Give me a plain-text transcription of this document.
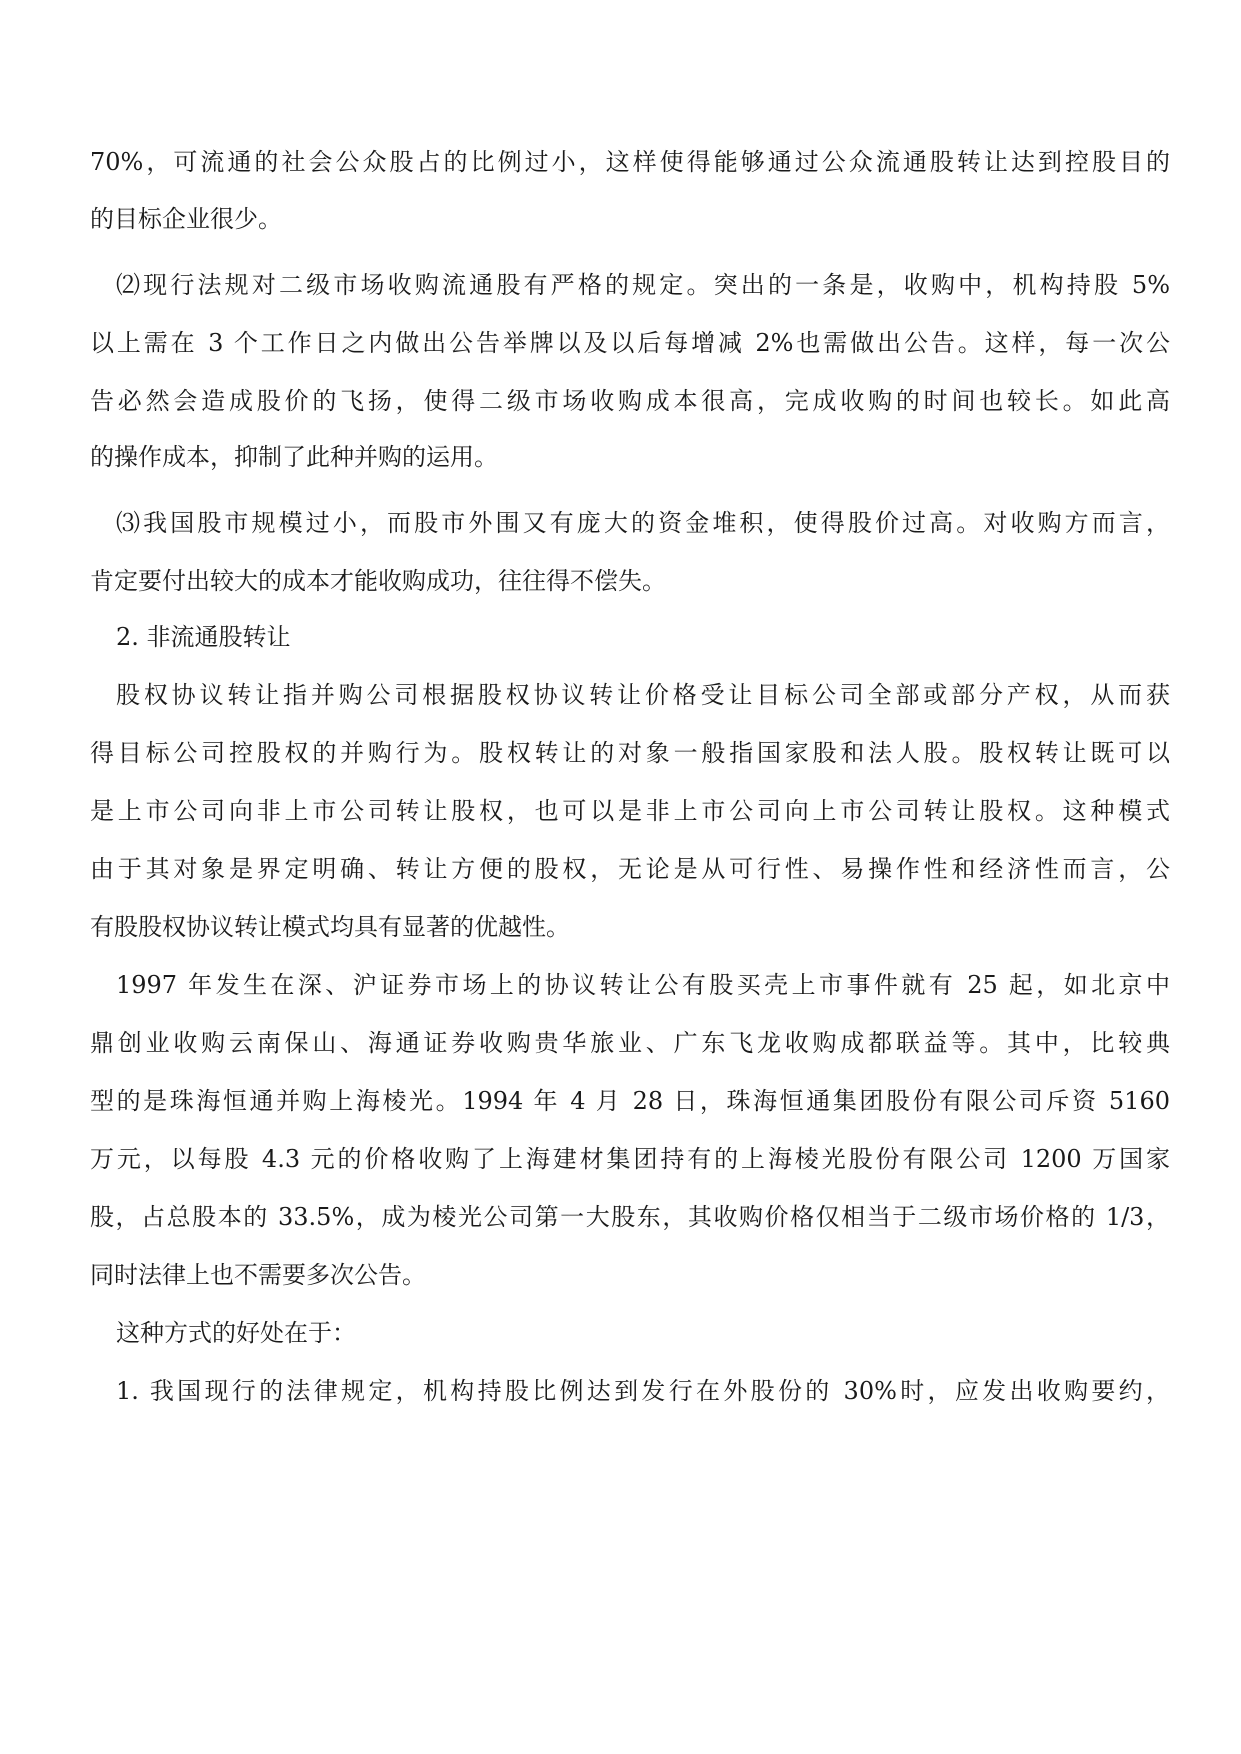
70%，可流通的社会公众股占的比例过小，这样使得能够通过公众流通股转让达到控股目的
的目标企业很少。
⑵现行法规对二级市场收购流通股有严格的规定。突出的一条是，收购中，机构持股 5%
以上需在 3 个工作日之内做出公告举牌以及以后每增减 2%也需做出公告。这样，每一次公
告必然会造成股价的飞扬，使得二级市场收购成本很高，完成收购的时间也较长。如此高
的操作成本，抑制了此种并购的运用。
⑶我国股市规模过小，而股市外围又有庞大的资金堆积，使得股价过高。对收购方而言，
肯定要付出较大的成本才能收购成功，往往得不偿失。
2. 非流通股转让
股权协议转让指并购公司根据股权协议转让价格受让目标公司全部或部分产权，从而获
得目标公司控股权的并购行为。股权转让的对象一般指国家股和法人股。股权转让既可以
是上市公司向非上市公司转让股权，也可以是非上市公司向上市公司转让股权。这种模式
由于其对象是界定明确、转让方便的股权，无论是从可行性、易操作性和经济性而言，公
有股股权协议转让模式均具有显著的优越性。
1997 年发生在深、沪证券市场上的协议转让公有股买壳上市事件就有 25 起，如北京中
鼎创业收购云南保山、海通证券收购贵华旅业、广东飞龙收购成都联益等。其中，比较典
型的是珠海恒通并购上海棱光。1994 年 4 月 28 日，珠海恒通集团股份有限公司斥资 5160
万元，以每股 4.3 元的价格收购了上海建材集团持有的上海棱光股份有限公司 1200 万国家
股，占总股本的 33.5%，成为棱光公司第一大股东，其收购价格仅相当于二级市场价格的 1/3，
同时法律上也不需要多次公告。
这种方式的好处在于：
1. 我国现行的法律规定，机构持股比例达到发行在外股份的 30%时，应发出收购要约，
